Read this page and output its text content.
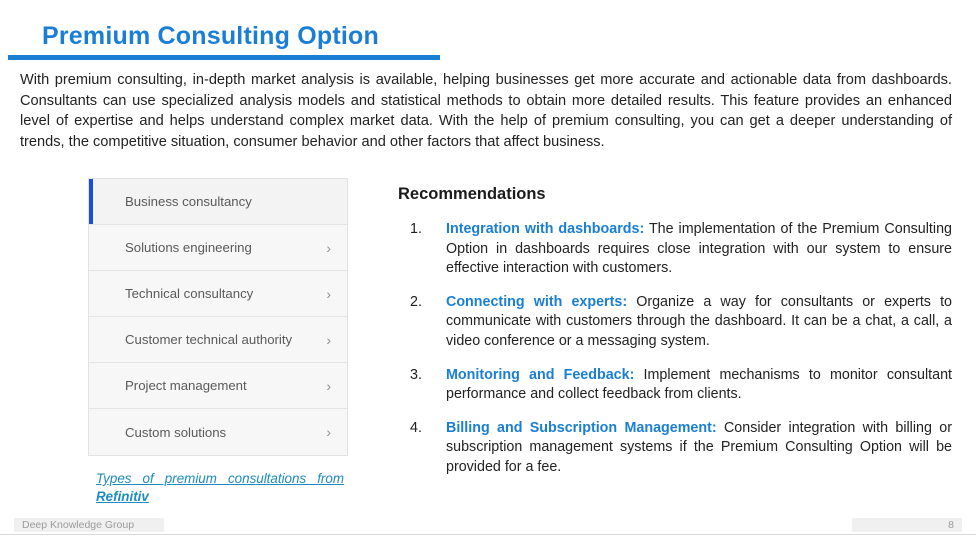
Premium Consulting Option
With premium consulting, in-depth market analysis is available, helping businesses get more accurate and actionable data from dashboards. Consultants can use specialized analysis models and statistical methods to obtain more detailed results. This feature provides an enhanced level of expertise and helps understand complex market data. With the help of premium consulting, you can get a deeper understanding of trends, the competitive situation, consumer behavior and other factors that affect business.
Business consultancy
Solutions engineering	›
Technical consultancy	›
Customer technical authority ›
Project management	›
Custom solutions	›
Types of premium consultations from Refinitiv
Recommendations
1.	Integration with dashboards: The implementation of the Premium Consulting Option in dashboards requires close integration with our system to ensure effective interaction with customers.
2.	Connecting with experts: Organize a way for consultants or experts to communicate with customers through the dashboard. It can be a chat, a call, a video conference or a messaging system.
3.	Monitoring and Feedback: Implement mechanisms to monitor consultant performance and collect feedback from clients.
4.	Billing and Subscription Management: Consider integration with billing or subscription management systems if the Premium Consulting Option will be provided for a fee.
Deep Knowledge Group	8
